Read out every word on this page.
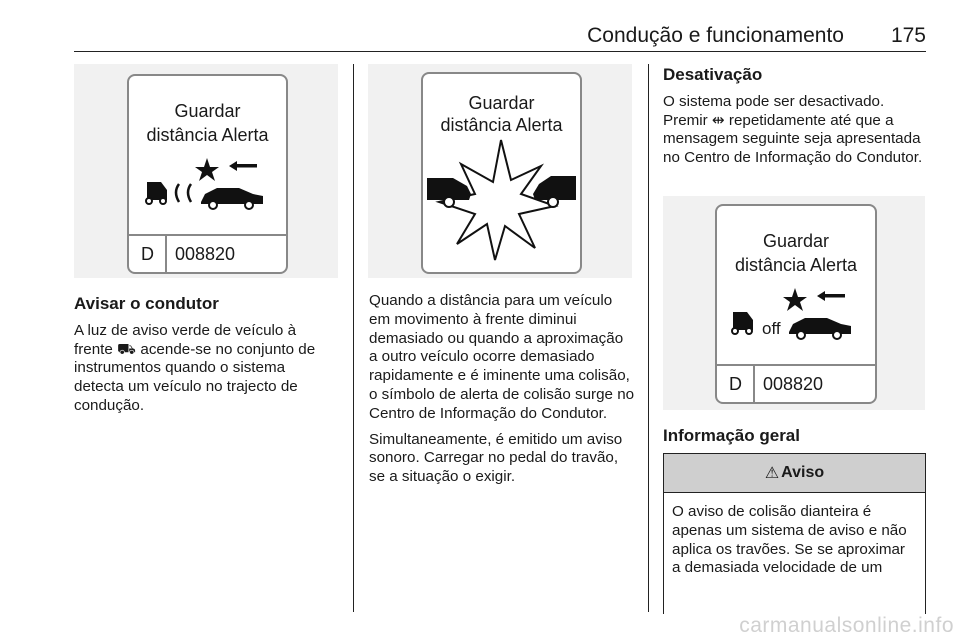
Condução e funcionamento 175
Guardar
distância Alerta
D 008820
Avisar o condutor

A luz de aviso verde de veículo à frente ⛟ acende-se no conjunto de instrumentos quando o sistema detecta um veículo no trajecto de condução.

Guardar
distância Alerta

Quando a distância para um veículo em movimento à frente diminui demasiado ou quando a aproximação a outro veículo ocorre demasiado rapidamente e é iminente uma colisão, o símbolo de alerta de colisão surge no Centro de Informação do Condutor.

Simultaneamente, é emitido um aviso sonoro. Carregar no pedal do travão, se a situação o exigir.

Desativação

O sistema pode ser desactivado. Premir ⇹ repetidamente até que a mensagem seguinte seja apresentada no Centro de Informação do Condutor.

Guardar
distância Alerta
off
D 008820
Informação geral
⚠ Aviso
O aviso de colisão dianteira é apenas um sistema de aviso e não aplica os travões. Se se aproximar a demasiada velocidade de um
carmanualsonline.info
